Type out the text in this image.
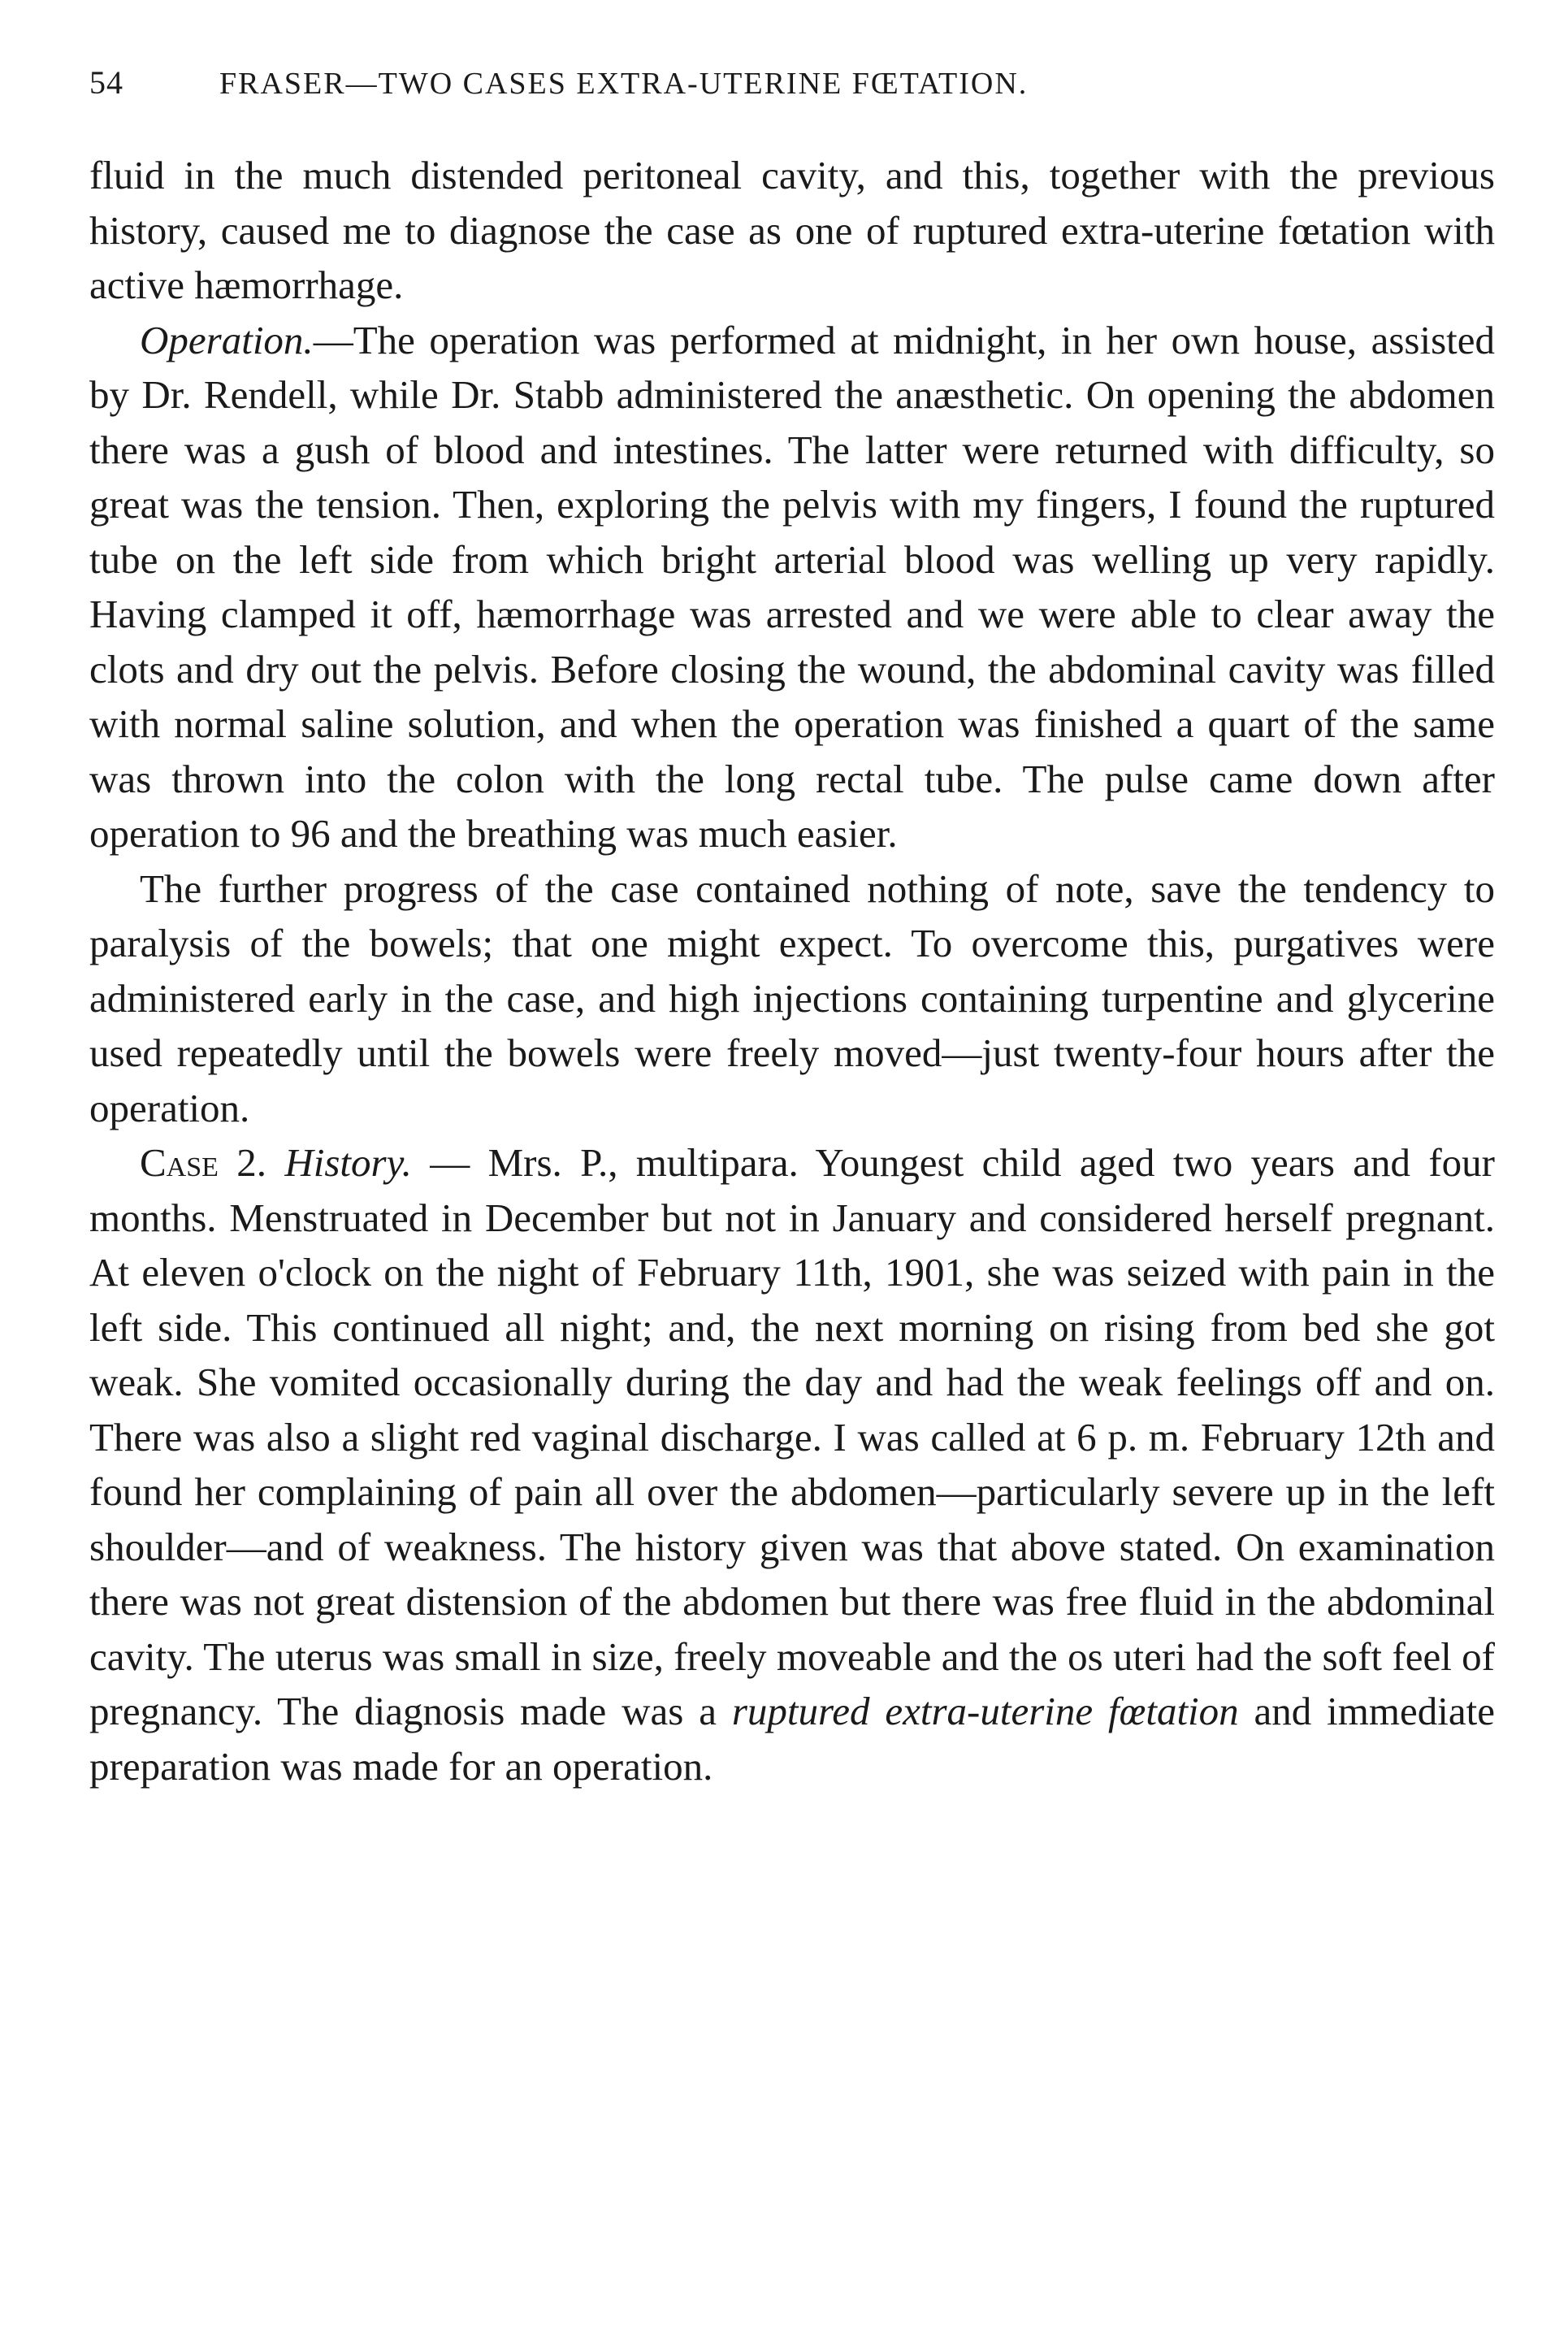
54	FRASER—TWO CASES EXTRA-UTERINE FŒTATION.

fluid in the much distended peritoneal cavity, and this, together with the previous history, caused me to diagnose the case as one of ruptured extra-uterine fœtation with active hæmorrhage.

Operation.—The operation was performed at midnight, in her own house, assisted by Dr. Rendell, while Dr. Stabb administered the anæsthetic. On opening the abdomen there was a gush of blood and intestines. The latter were returned with difficulty, so great was the tension. Then, exploring the pelvis with my fingers, I found the ruptured tube on the left side from which bright arterial blood was welling up very rapidly. Having clamped it off, hæmorrhage was arrested and we were able to clear away the clots and dry out the pelvis. Before closing the wound, the abdominal cavity was filled with normal saline solution, and when the operation was finished a quart of the same was thrown into the colon with the long rectal tube. The pulse came down after operation to 96 and the breathing was much easier.

The further progress of the case contained nothing of note, save the tendency to paralysis of the bowels; that one might expect. To overcome this, purgatives were administered early in the case, and high injections containing turpentine and glycerine used repeatedly until the bowels were freely moved—just twenty-four hours after the operation.

Case 2. History. — Mrs. P., multipara. Youngest child aged two years and four months. Menstruated in December but not in January and considered herself pregnant. At eleven o'clock on the night of February 11th, 1901, she was seized with pain in the left side. This continued all night; and, the next morning on rising from bed she got weak. She vomited occasionally during the day and had the weak feelings off and on. There was also a slight red vaginal discharge. I was called at 6 p. m. February 12th and found her complaining of pain all over the abdomen—particularly severe up in the left shoulder—and of weakness. The history given was that above stated. On examination there was not great distension of the abdomen but there was free fluid in the abdominal cavity. The uterus was small in size, freely moveable and the os uteri had the soft feel of pregnancy. The diagnosis made was a ruptured extra-uterine fœtation and immediate preparation was made for an operation.
